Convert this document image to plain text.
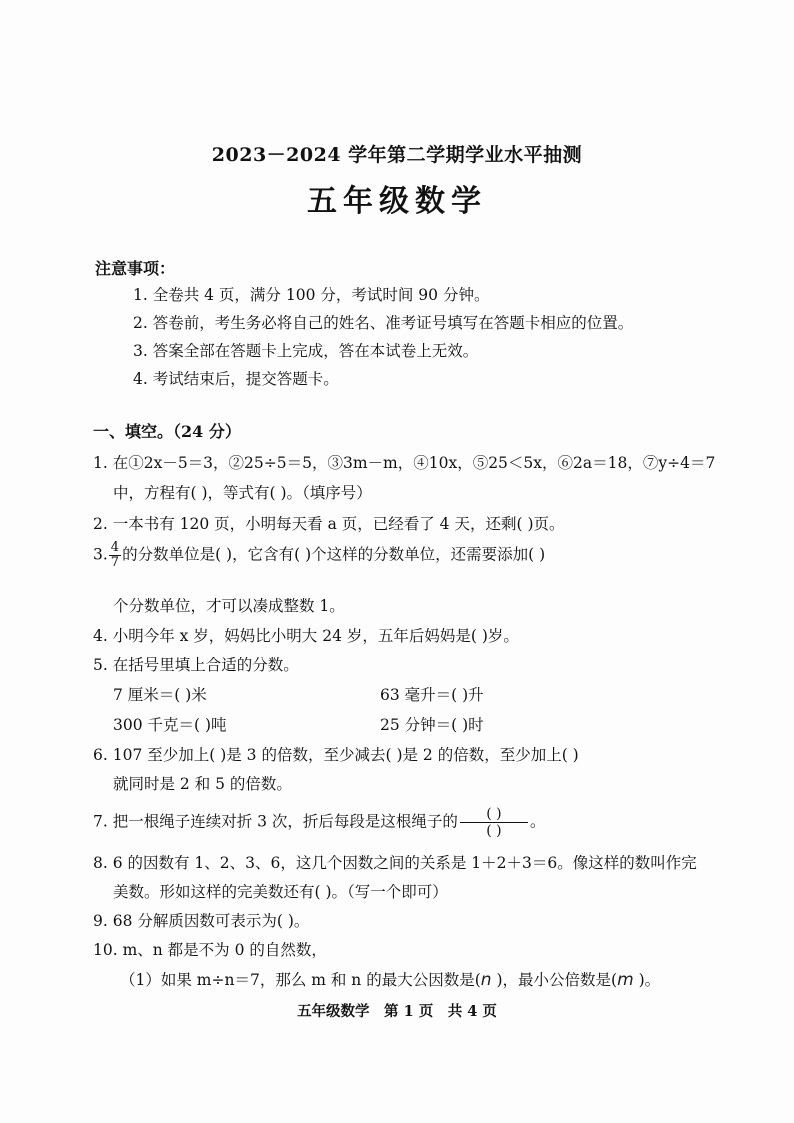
2023－2024 学年第二学期学业水平抽测
五年级数学
注意事项：
1. 全卷共 4 页，满分 100 分，考试时间 90 分钟。
2. 答卷前，考生务必将自己的姓名、准考证号填写在答题卡相应的位置。
3. 答案全部在答题卡上完成，答在本试卷上无效。
4. 考试结束后，提交答题卡。
一、填空。（24 分）
1. 在①2x－5＝3，②25÷5＝5，③3m－m，④10x，⑤25＜5x，⑥2a＝18，⑦y÷4＝7
中，方程有( )，等式有( )。（填序号）
2. 一本书有 120 页，小明每天看 a 页，已经看了 4 天，还剩( )页。
3. $\frac{4}{7}$ 的分数单位是( )，它含有( )个这样的分数单位，还需要添加( )
个分数单位，才可以凑成整数 1。
4. 小明今年 x 岁，妈妈比小明大 24 岁，五年后妈妈是( )岁。
5. 在括号里填上合适的分数。
7 厘米＝( )米	63 毫升＝( )升
300 千克＝( )吨	25 分钟＝( )时
6. 107 至少加上( )是 3 的倍数，至少减去( )是 2 的倍数，至少加上( )
就同时是 2 和 5 的倍数。
7. 把一根绳子连续对折 3 次，折后每段是这根绳子的 $\frac{( )}{( )}$ 。
8. 6 的因数有 1、2、3、6，这几个因数之间的关系是 1＋2＋3＝6。像这样的数叫作完
美数。形如这样的完美数还有( )。（写一个即可）
9. 68 分解质因数可表示为( )。
10. m、n 都是不为 0 的自然数，
（1）如果 m÷n＝7，那么 m 和 n 的最大公因数是(n )，最小公倍数是(m )。
五年级数学　第 1 页　共 4 页
